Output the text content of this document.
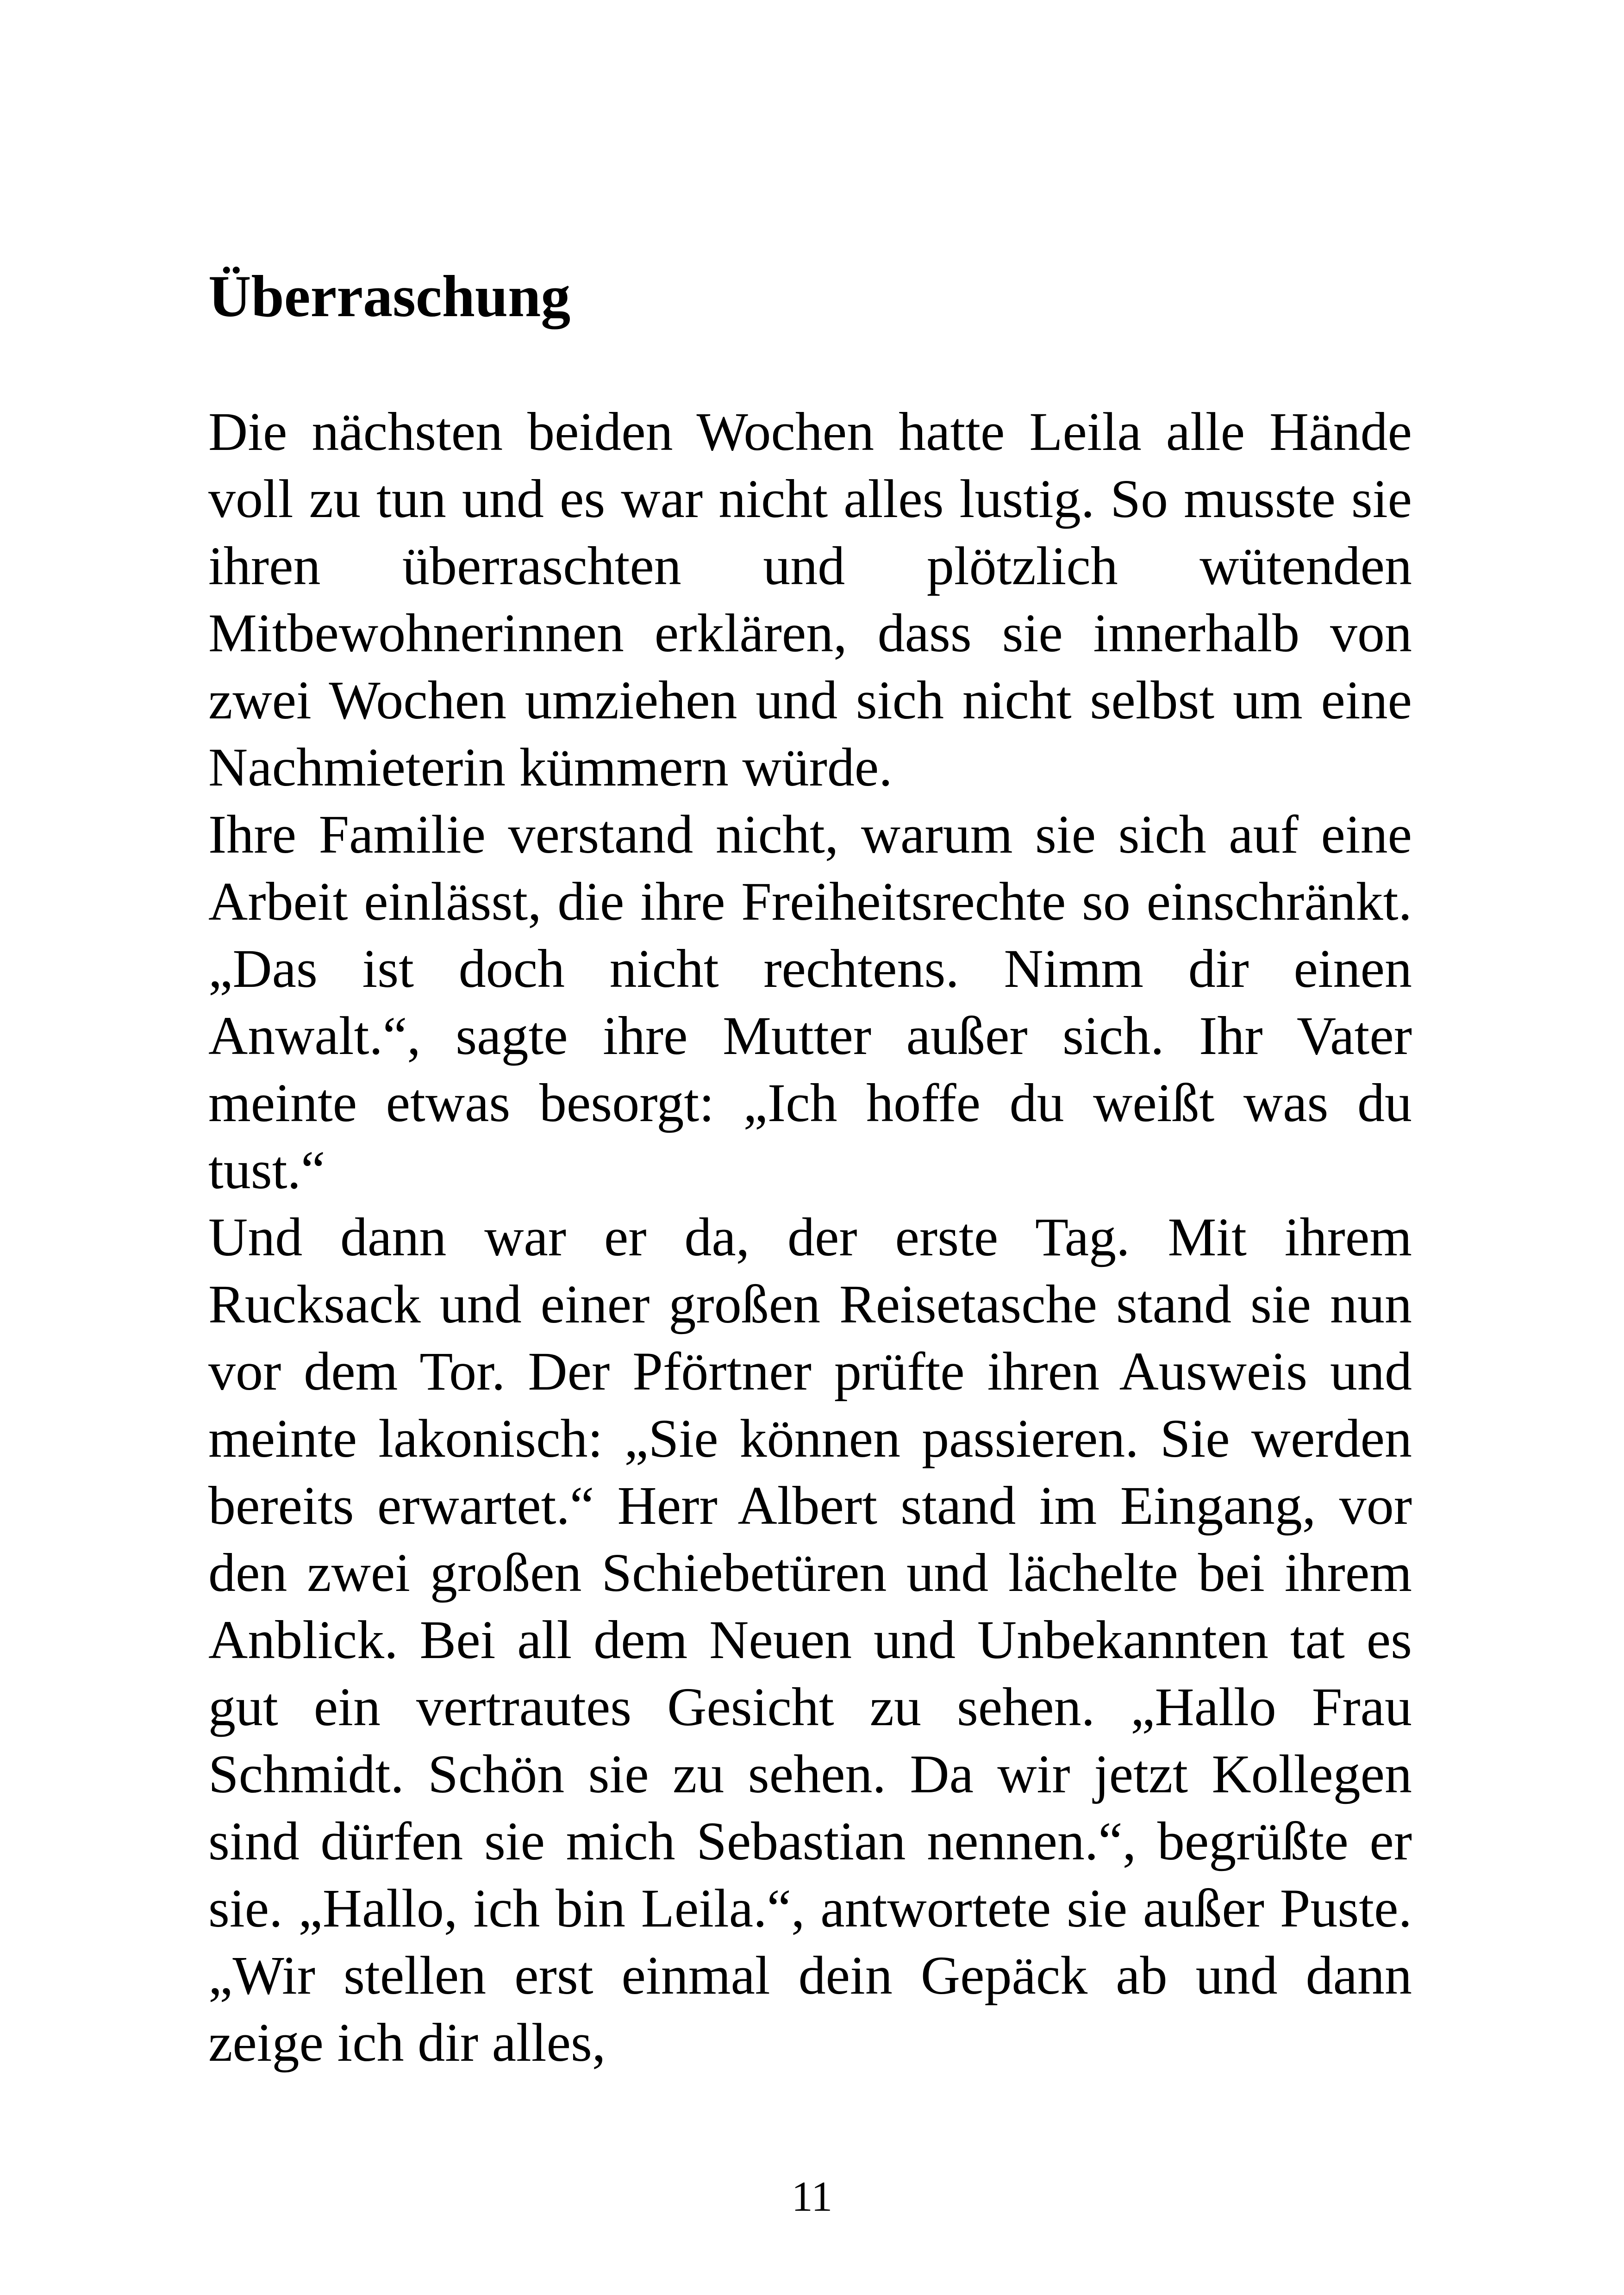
Überraschung

Die nächsten beiden Wochen hatte Leila alle Hände voll zu tun und es war nicht alles lustig. So musste sie ihren überraschten und plötzlich wütenden Mitbewohnerinnen erklären, dass sie innerhalb von zwei Wochen umziehen und sich nicht selbst um eine Nachmieterin kümmern würde.

Ihre Familie verstand nicht, warum sie sich auf eine Arbeit einlässt, die ihre Freiheitsrechte so einschränkt. „Das ist doch nicht rechtens. Nimm dir einen Anwalt.“, sagte ihre Mutter außer sich. Ihr Vater meinte etwas besorgt: „Ich hoffe du weißt was du tust.“

Und dann war er da, der erste Tag. Mit ihrem Rucksack und einer großen Reisetasche stand sie nun vor dem Tor. Der Pförtner prüfte ihren Ausweis und meinte lakonisch: „Sie können passieren. Sie werden bereits erwartet.“ Herr Albert stand im Eingang, vor den zwei großen Schiebetüren und lächelte bei ihrem Anblick. Bei all dem Neuen und Unbekannten tat es gut ein vertrautes Gesicht zu sehen. „Hallo Frau Schmidt. Schön sie zu sehen. Da wir jetzt Kollegen sind dürfen sie mich Sebastian nennen.“, begrüßte er sie. „Hallo, ich bin Leila.“, antwortete sie außer Puste. „Wir stellen erst einmal dein Gepäck ab und dann zeige ich dir alles,

11
